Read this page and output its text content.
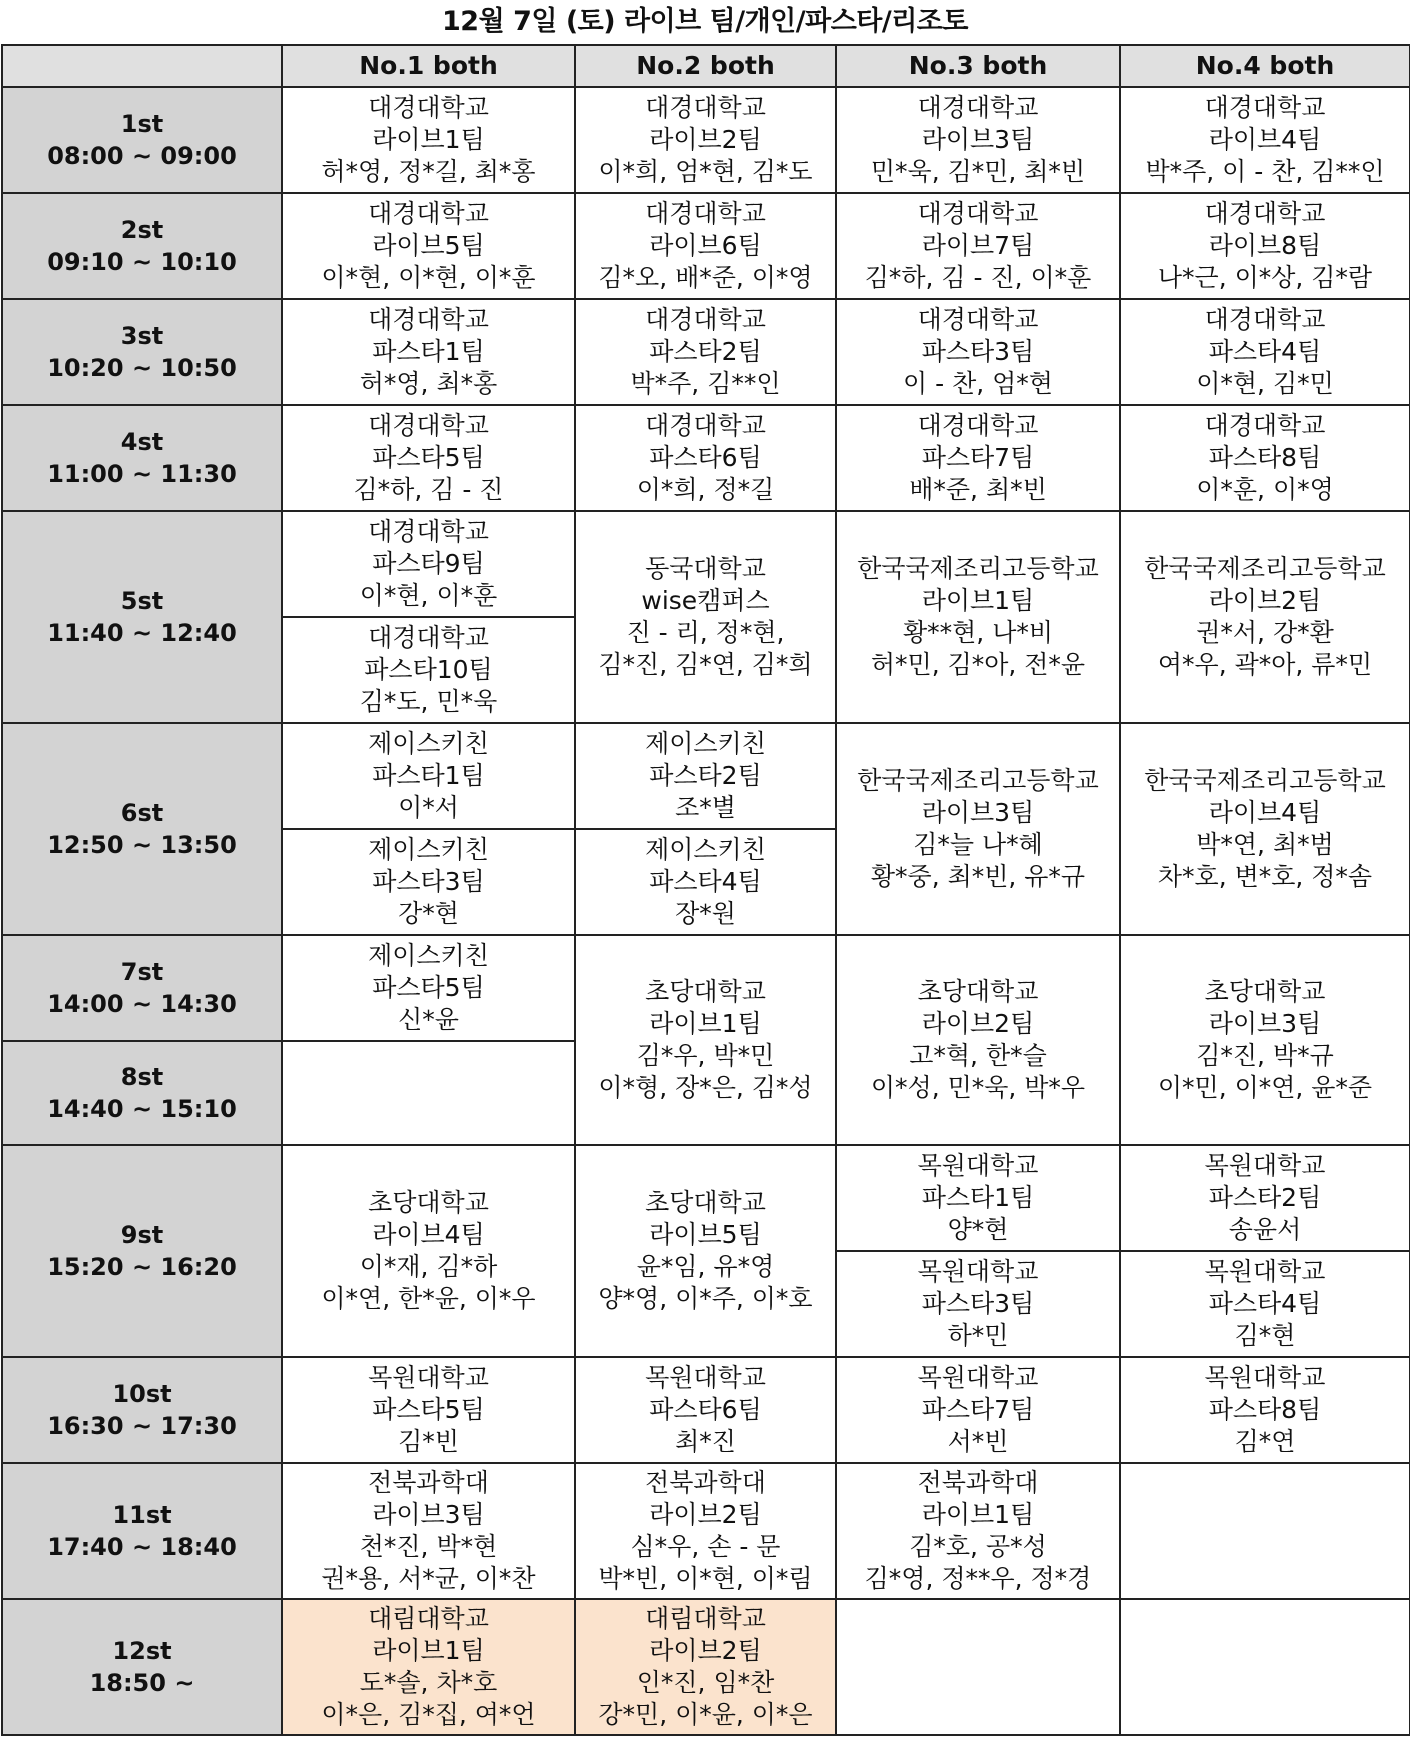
12월 7일 (토) 라이브 팀/개인/파스타/리조토
	No.1 both	No.2 both	No.3 both	No.4 both

1st
08:00 ~ 09:00	대경대학교
라이브1팀
허*영, 정*길, 최*홍	대경대학교
라이브2팀
이*희, 엄*현, 김*도	대경대학교
라이브3팀
민*욱, 김*민, 최*빈	대경대학교
라이브4팀
박*주, 이 - 찬, 김**인

2st
09:10 ~ 10:10	대경대학교
라이브5팀
이*현, 이*현, 이*훈	대경대학교
라이브6팀
김*오, 배*준, 이*영	대경대학교
라이브7팀
김*하, 김 - 진, 이*훈	대경대학교
라이브8팀
나*근, 이*상, 김*람

3st
10:20 ~ 10:50	대경대학교
파스타1팀
허*영, 최*홍	대경대학교
파스타2팀
박*주, 김**인	대경대학교
파스타3팀
이 - 찬, 엄*현	대경대학교
파스타4팀
이*현, 김*민

4st
11:00 ~ 11:30	대경대학교
파스타5팀
김*하, 김 - 진	대경대학교
파스타6팀
이*희, 정*길	대경대학교
파스타7팀
배*준, 최*빈	대경대학교
파스타8팀
이*훈, 이*영

5st
11:40 ~ 12:40	대경대학교
파스타9팀
이*현, 이*훈	동국대학교
wise캠퍼스
진 - 리, 정*현,
김*진, 김*연, 김*희	한국국제조리고등학교
라이브1팀
황**현, 나*비
허*민, 김*아, 전*윤	한국국제조리고등학교
라이브2팀
권*서, 강*환
여*우, 곽*아, 류*민

	대경대학교
파스타10팀
김*도, 민*욱			

6st
12:50 ~ 13:50	제이스키친
파스타1팀
이*서	제이스키친
파스타2팀
조*별	한국국제조리고등학교
라이브3팀
김*늘 나*혜
황*중, 최*빈, 유*규	한국국제조리고등학교
라이브4팀
박*연, 최*범
차*호, 변*호, 정*솜

	제이스키친
파스타3팀
강*현	제이스키친
파스타4팀
장*원		

7st
14:00 ~ 14:30	제이스키친
파스타5팀
신*윤	초당대학교
라이브1팀
김*우, 박*민
이*형, 장*은, 김*성	초당대학교
라이브2팀
고*혁, 한*슬
이*성, 민*욱, 박*우	초당대학교
라이브3팀
김*진, 박*규
이*민, 이*연, 윤*준

8st
14:40 ~ 15:10				

9st
15:20 ~ 16:20	초당대학교
라이브4팀
이*재, 김*하
이*연, 한*윤, 이*우	초당대학교
라이브5팀
윤*임, 유*영
양*영, 이*주, 이*호	목원대학교
파스타1팀
양*현	목원대학교
파스타2팀
송윤서

			목원대학교
파스타3팀
하*민	목원대학교
파스타4팀
김*현

10st
16:30 ~ 17:30	목원대학교
파스타5팀
김*빈	목원대학교
파스타6팀
최*진	목원대학교
파스타7팀
서*빈	목원대학교
파스타8팀
김*연

11st
17:40 ~ 18:40	전북과학대
라이브3팀
천*진, 박*현
권*용, 서*균, 이*찬	전북과학대
라이브2팀
심*우, 손 - 문
박*빈, 이*현, 이*림	전북과학대
라이브1팀
김*호, 공*성
김*영, 정**우, 정*경	

12st
18:50 ~	대림대학교
라이브1팀
도*솔, 차*호
이*은, 김*집, 여*언	대림대학교
라이브2팀
인*진, 임*찬
강*민, 이*윤, 이*은		
